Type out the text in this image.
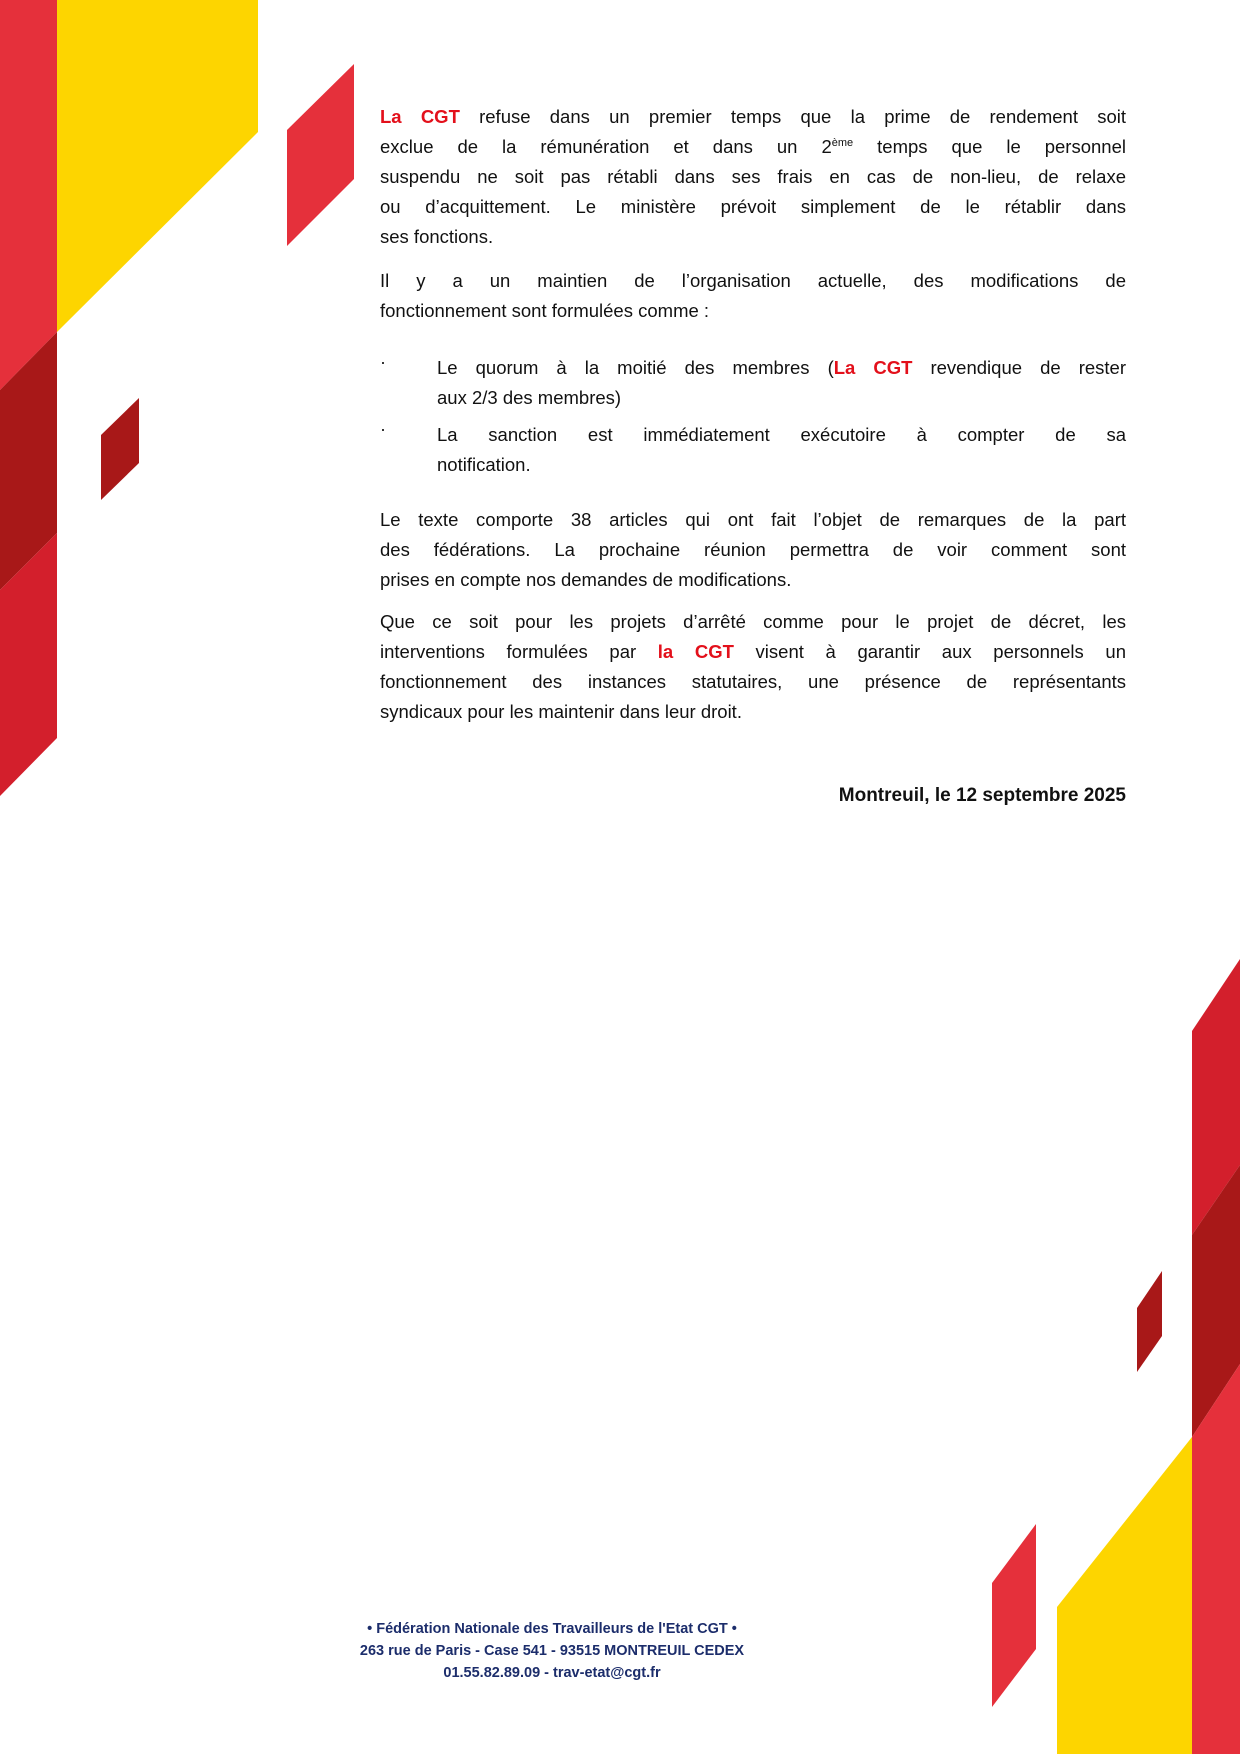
La CGT refuse dans un premier temps que la prime de rendement soit
exclue de la rémunération et dans un 2ème temps que le personnel
suspendu ne soit pas rétabli dans ses frais en cas de non-lieu, de relaxe
ou d’acquittement. Le ministère prévoit simplement de le rétablir dans
ses fonctions.
Il y a un maintien de l’organisation actuelle, des modifications de
fonctionnement sont formulées comme :
·	Le quorum à la moitié des membres (La CGT revendique de rester
aux 2/3 des membres)
·	La sanction est immédiatement exécutoire à compter de sa
notification.
Le texte comporte 38 articles qui ont fait l’objet de remarques de la part
des fédérations. La prochaine réunion permettra de voir comment sont
prises en compte nos demandes de modifications.
Que ce soit pour les projets d’arrêté comme pour le projet de décret, les
interventions formulées par la CGT visent à garantir aux personnels un
fonctionnement des instances statutaires, une présence de représentants
syndicaux pour les maintenir dans leur droit.
Montreuil, le 12 septembre 2025
• Fédération Nationale des Travailleurs de l'Etat CGT •
263 rue de Paris - Case 541 - 93515 MONTREUIL CEDEX
01.55.82.89.09 - trav-etat@cgt.fr
